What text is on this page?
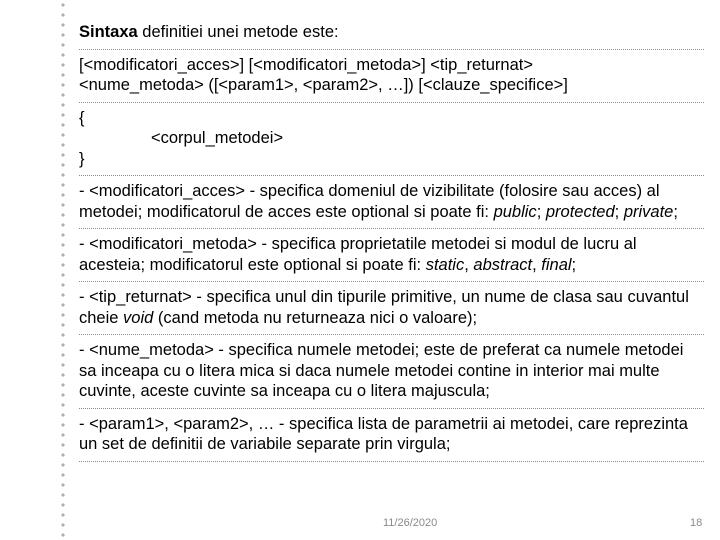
Sintaxa definitiei unei metode este:

[<modificatori_acces>] [<modificatori_metoda>] <tip_returnat>
<nume_metoda> ([<param1>, <param2>, …]) [<clauze_specifice>]

{
<corpul_metodei>
}

- <modificatori_acces> - specifica domeniul de vizibilitate (folosire sau acces) al metodei; modificatorul de acces este optional si poate fi: public; protected; private;

- <modificatori_metoda> - specifica proprietatile metodei si modul de lucru al acesteia; modificatorul este optional si poate fi: static, abstract, final;

- <tip_returnat> - specifica unul din tipurile primitive, un nume de clasa sau cuvantul cheie void (cand metoda nu returneaza nici o valoare);

- <nume_metoda> - specifica numele metodei; este de preferat ca numele metodei sa inceapa cu o litera mica si daca numele metodei contine in interior mai multe cuvinte, aceste cuvinte sa inceapa cu o litera majuscula;

- <param1>, <param2>, … - specifica lista de parametrii ai metodei, care reprezinta un set de definitii de variabile separate prin virgula;

11/26/2020	18
